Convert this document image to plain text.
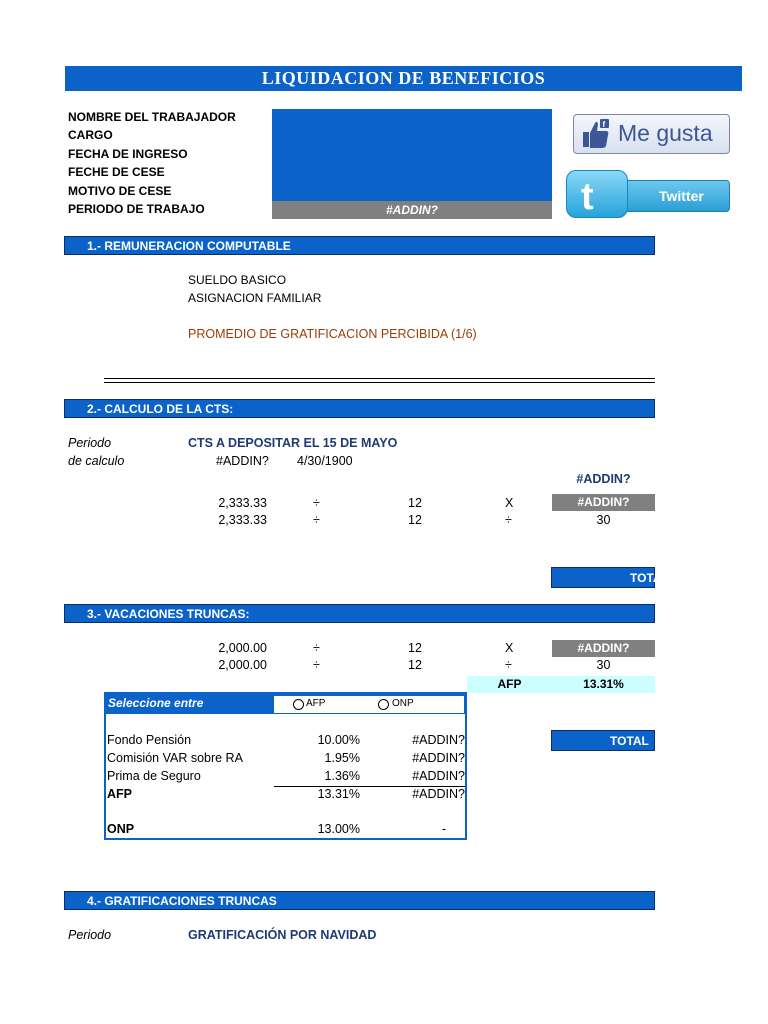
LIQUIDACION DE BENEFICIOS
NOMBRE DEL TRABAJADOR
CARGO
FECHA DE INGRESO
FECHE DE CESE
MOTIVO DE CESE
PERIODO DE TRABAJO	#ADDIN?
f Me gusta
Twitter
t
1.- REMUNERACION COMPUTABLE
SUELDO BASICO
ASIGNACION FAMILIAR
PROMEDIO DE GRATIFICACION PERCIBIDA (1/6)
2.- CALCULO DE LA CTS:
Periodo
de calculo
CTS A DEPOSITAR EL 15 DE MAYO
#ADDIN? 4/30/1900
#ADDIN?
2,333.33	÷	12	X	#ADDIN?
2,333.33	÷	12	÷	30
TOTA
3.- VACACIONES TRUNCAS:
2,000.00	÷	12	X	#ADDIN?
2,000.00	÷	12	÷	30
AFP	13.31%
TOTAL V
Seleccione entre	AFP	ONP
Fondo Pensión	10.00%	#ADDIN?
Comisión VAR sobre RA	1.95%	#ADDIN?
Prima de Seguro	1.36%	#ADDIN?
AFP	13.31%	#ADDIN?
ONP	13.00%	-
4.- GRATIFICACIONES TRUNCAS
Periodo	GRATIFICACIÓN POR NAVIDAD
